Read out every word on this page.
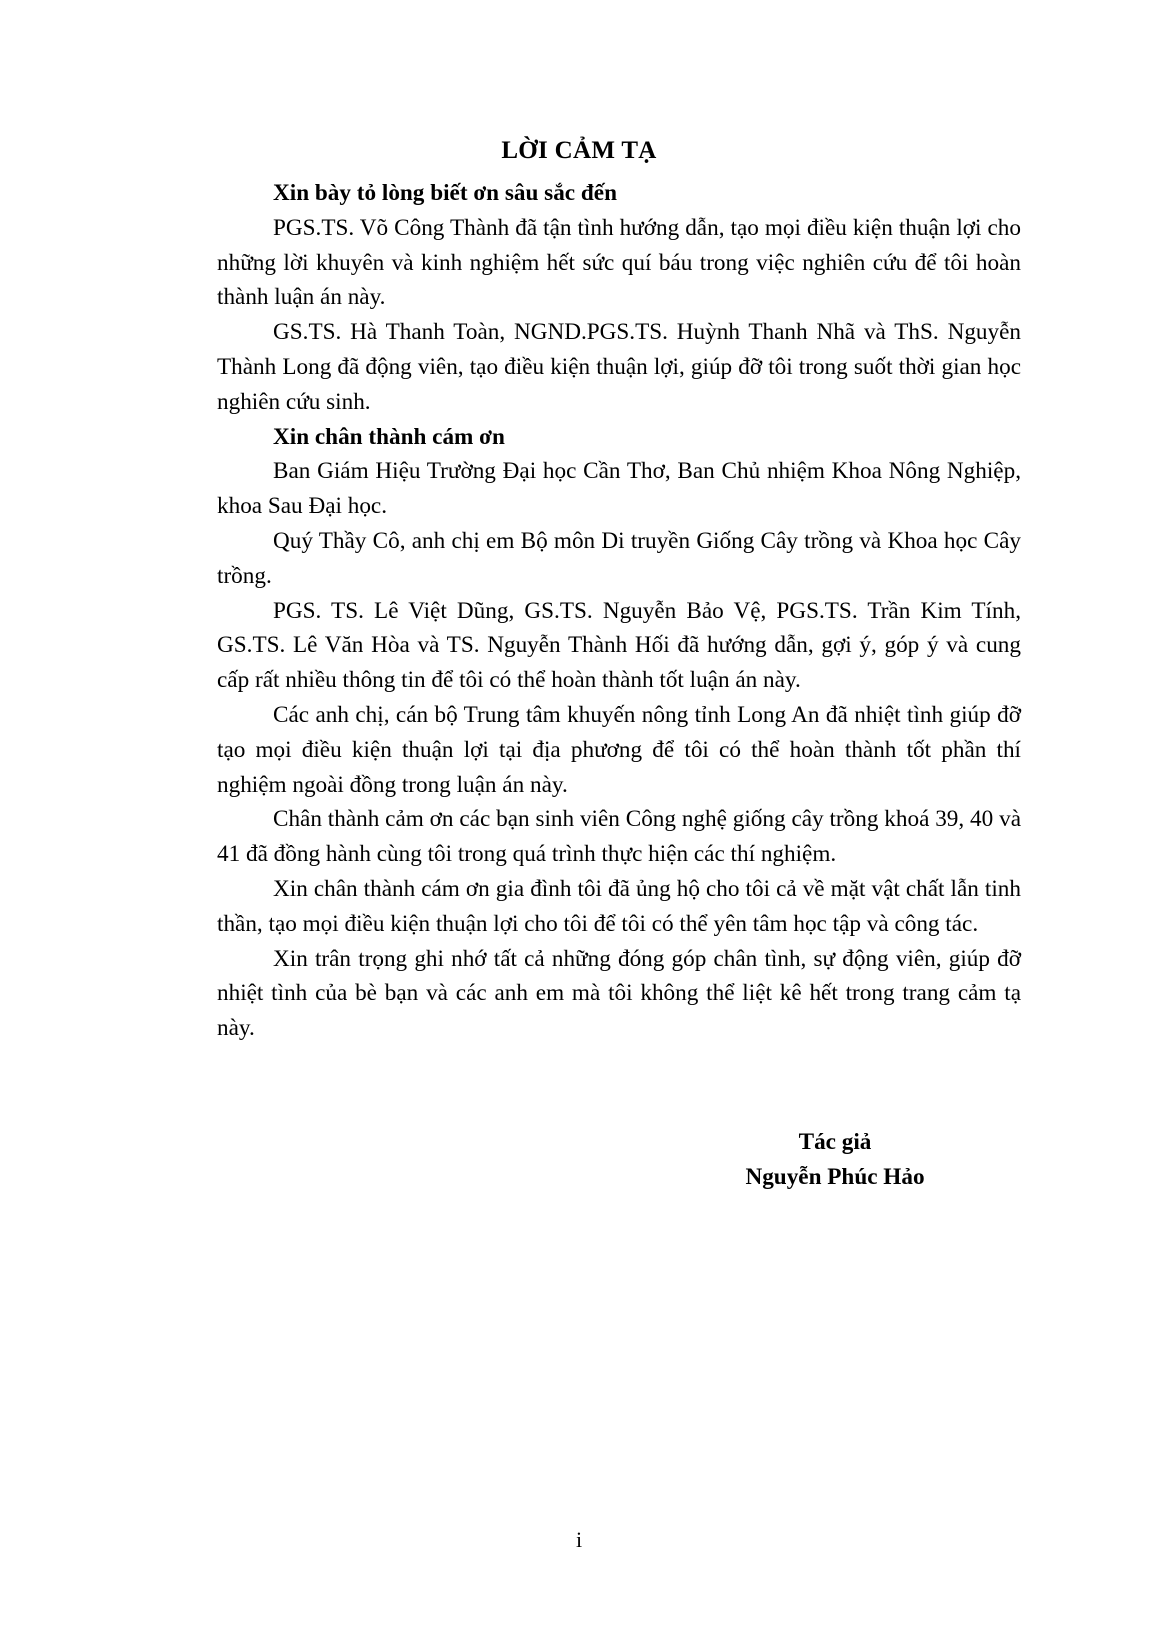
LỜI CẢM TẠ

Xin bày tỏ lòng biết ơn sâu sắc đến

PGS.TS. Võ Công Thành đã tận tình hướng dẫn, tạo mọi điều kiện thuận lợi cho những lời khuyên và kinh nghiệm hết sức quí báu trong việc nghiên cứu để tôi hoàn thành luận án này.

GS.TS. Hà Thanh Toàn, NGND.PGS.TS. Huỳnh Thanh Nhã và ThS. Nguyễn Thành Long đã động viên, tạo điều kiện thuận lợi, giúp đỡ tôi trong suốt thời gian học nghiên cứu sinh.

Xin chân thành cám ơn

Ban Giám Hiệu Trường Đại học Cần Thơ, Ban Chủ nhiệm Khoa Nông Nghiệp, khoa Sau Đại học.

Quý Thầy Cô, anh chị em Bộ môn Di truyền Giống Cây trồng và Khoa học Cây trồng.

PGS. TS. Lê Việt Dũng, GS.TS. Nguyễn Bảo Vệ, PGS.TS. Trần Kim Tính, GS.TS. Lê Văn Hòa và TS. Nguyễn Thành Hối đã hướng dẫn, gợi ý, góp ý và cung cấp rất nhiều thông tin để tôi có thể hoàn thành tốt luận án này.

Các anh chị, cán bộ Trung tâm khuyến nông tỉnh Long An đã nhiệt tình giúp đỡ tạo mọi điều kiện thuận lợi tại địa phương để tôi có thể hoàn thành tốt phần thí nghiệm ngoài đồng trong luận án này.

Chân thành cảm ơn các bạn sinh viên Công nghệ giống cây trồng khoá 39, 40 và 41 đã đồng hành cùng tôi trong quá trình thực hiện các thí nghiệm.

Xin chân thành cám ơn gia đình tôi đã ủng hộ cho tôi cả về mặt vật chất lẫn tinh thần, tạo mọi điều kiện thuận lợi cho tôi để tôi có thể yên tâm học tập và công tác.

Xin trân trọng ghi nhớ tất cả những đóng góp chân tình, sự động viên, giúp đỡ nhiệt tình của bè bạn và các anh em mà tôi không thể liệt kê hết trong trang cảm tạ này.

Tác giả
Nguyễn Phúc Hảo
i
